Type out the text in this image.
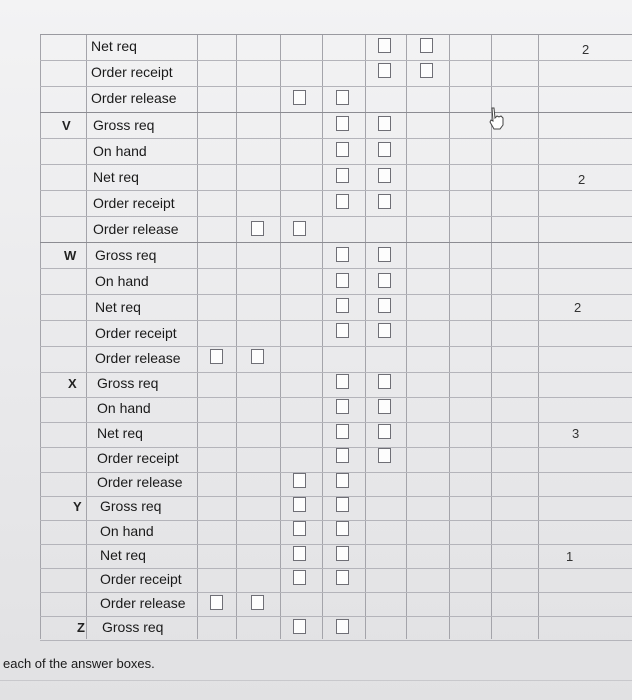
Net req
Order receipt
Order release
2
V Gross req
On hand
Net req
Order receipt
Order release
2
W Gross req
On hand
Net req
Order receipt
Order release
2
X Gross req
On hand
Net req
Order receipt
Order release
3
Y Gross req
On hand
Net req
Order receipt
Order release
1
Z Gross req
each of the answer boxes.
